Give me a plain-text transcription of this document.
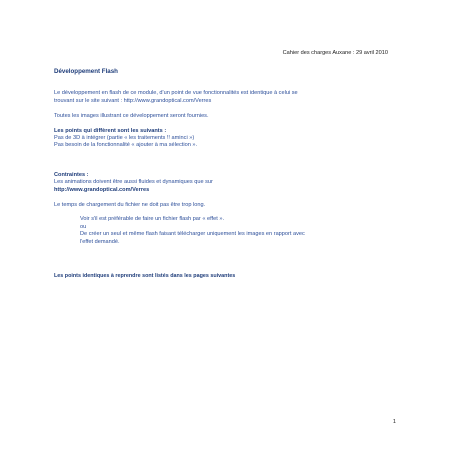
Cahier des charges Auxane : 29 avril 2010

Développement Flash

Le développement en flash de ce module, d'un point de vue fonctionnalités est identique à celui se
trouvant sur le site suivant : http://www.grandoptical.com/Verres

Toutes les images illustrant ce développement seront fournies.

Les points qui diffèrent sont les suivants :
Pas de 3D à intégrer (partie « les traitements !! aminci »)
Pas besoin de la fonctionnalité « ajouter à ma sélection ».

Contraintes :
Les animations doivent être aussi fluides et dynamiques que sur
http://www.grandoptical.com/Verres

Le temps de chargement du fichier ne doit pas être trop long.

Voir s'il est préférable de faire un fichier flash par « effet ».
ou
De créer un seul et même flash faisant télécharger uniquement les images en rapport avec
l'effet demandé.

Les points identiques à reprendre sont listés dans les pages suivantes

1
